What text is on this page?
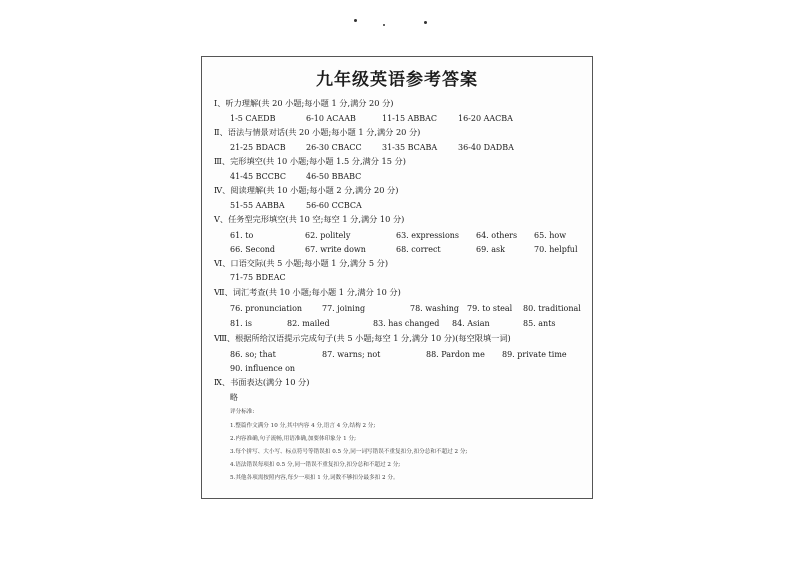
九年级英语参考答案
Ⅰ、听力理解(共 20 小题;每小题 1 分,满分 20 分)
1-5 CAEDB	6-10 ACAAB	11-15 ABBAC	16-20 AACBA
Ⅱ、语法与情景对话(共 20 小题;每小题 1 分,满分 20 分)
21-25 BDACB	26-30 CBACC	31-35 BCABA	36-40 DADBA
Ⅲ、完形填空(共 10 小题;每小题 1.5 分,满分 15 分)
41-45 BCCBC 46-50 BBABC
Ⅳ、阅读理解(共 10 小题;每小题 2 分,满分 20 分)
51-55 AABBA	56-60 CCBCA
Ⅴ、任务型完形填空(共 10 空;每空 1 分,满分 10 分)
61. to	62. politely	63. expressions 64. others 65. how
66. Second	67. write down	68. correct	69. ask	70. helpful
Ⅵ、口语交际(共 5 小题;每小题 1 分,满分 5 分)
71-75 BDEAC
Ⅶ、词汇考查(共 10 小题;每小题 1 分,满分 10 分)
76. pronunciation 77. joining	78. washing 79. to steal 80. traditional
81. is	82. mailed	83. has changed 84. Asian	85. ants
Ⅷ、根据所给汉语提示完成句子(共 5 小题;每空 1 分,满分 10 分)(每空限填一词)
86. so; that	87. warns; not	88. Pardon me 89. private time
90. influence on
Ⅸ、书面表达(满分 10 分)
略
评分标准:
1.整篇作文满分 10 分,其中内容 4 分,语言 4 分,结构 2 分;
2.内容准确,句子流畅,用语准确,加要体印象分 1 分;
3.每个拼写、大小写、标点符号等错误扣 0.5 分,同一词写错误不重复扣分,扣分总和不超过 2 分;
4.语法错误每项扣 0.5 分,同一错误不重复扣分,扣分总和不超过 2 分;
5.其他各项需按照内容,每少一项扣 1 分,词数不够扣分最多扣 2 分。
